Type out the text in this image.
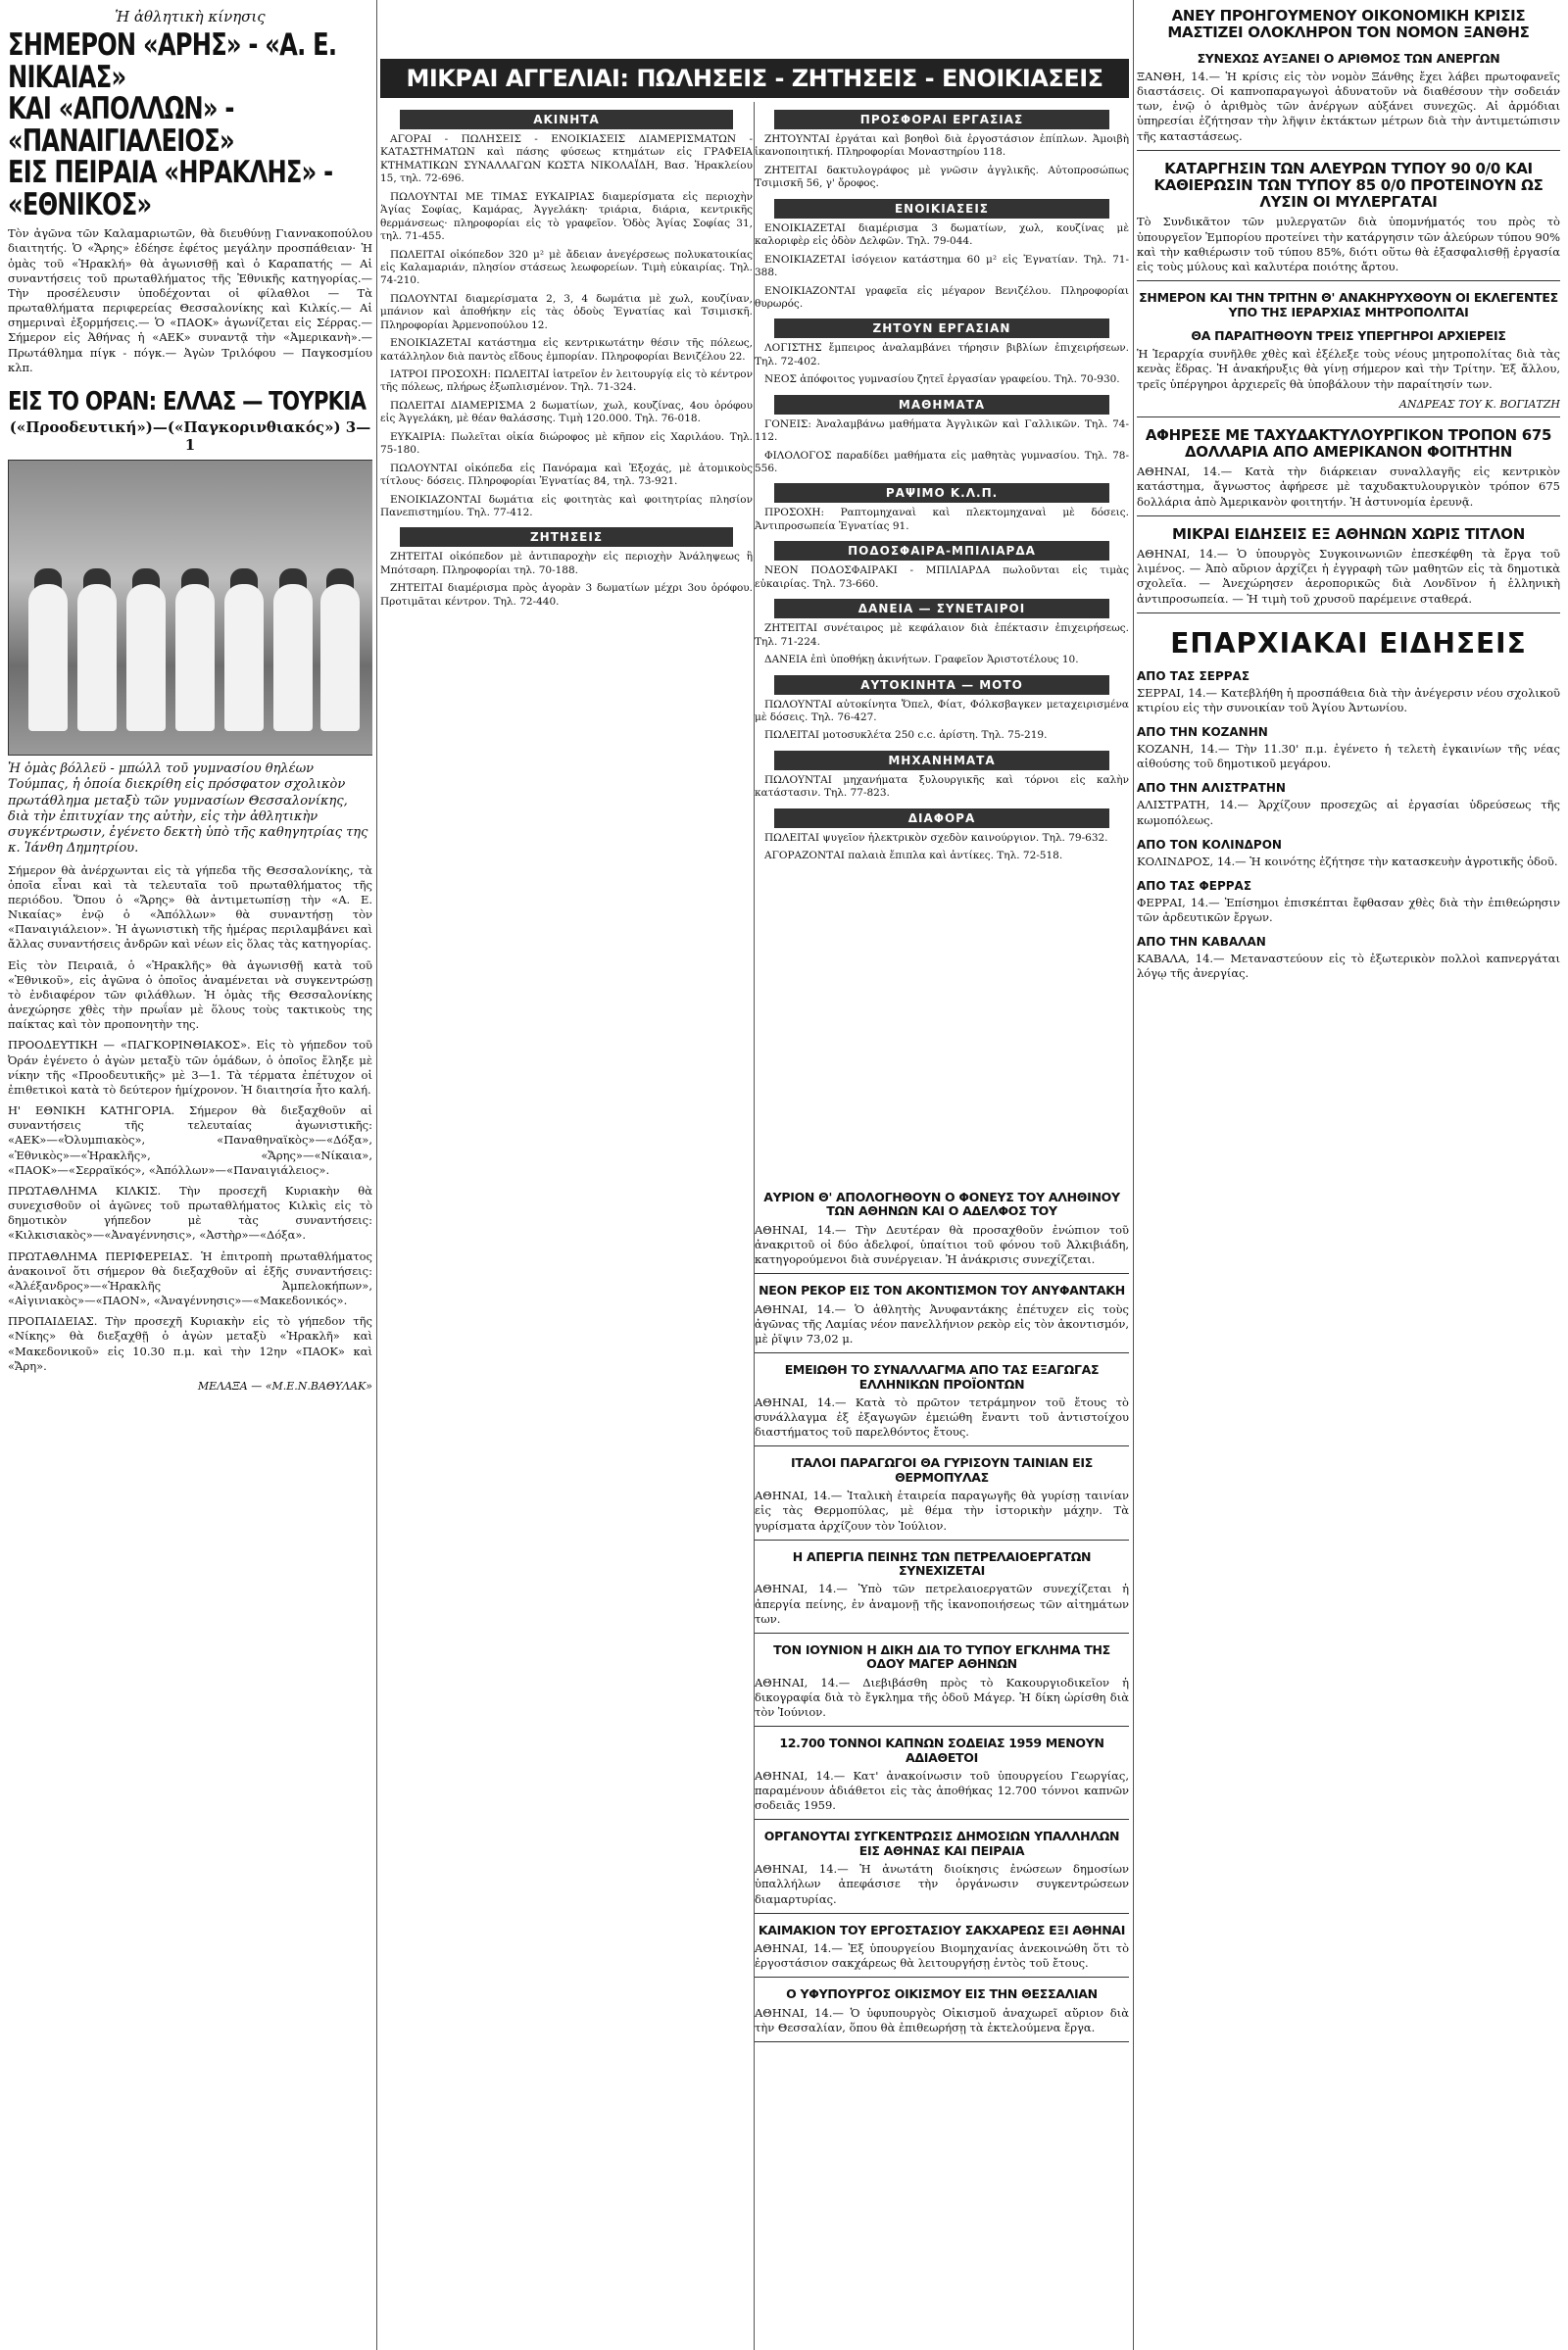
Ἡ ἀθλητικὴ κίνησις
ΣΗΜΕΡΟΝ «ΑΡΗΣ» - «Α. Ε. ΝΙΚΑΙΑΣ»
ΚΑΙ «ΑΠΟΛΛΩΝ» - «ΠΑΝΑΙΓΙΑΛΕΙΟΣ»
ΕΙΣ ΠΕΙΡΑΙΑ «ΗΡΑΚΛΗΣ» - «ΕΘΝΙΚΟΣ»

Τὸν ἀγῶνα τῶν Καλαμαριωτῶν, θὰ διευθύνῃ Γιαννακοπούλου διαιτητής. Ὁ «Ἄρης» ἐδέησε ἐφέτος μεγάλην προσπάθειαν· Ἡ ὁμὰς τοῦ «Ἡρακλή» θὰ ἀγωνισθῇ καὶ ὁ Καραπατής — Αἱ συναντήσεις τοῦ πρωταθλήματος τῆς Ἐθνικῆς κατηγορίας.— Τὴν προσέλευσιν ὑποδέχονται οἱ φίλαθλοι — Τὰ πρωταθλήματα περιφερείας Θεσσαλονίκης καὶ Κιλκίς.— Αἱ σημεριναὶ ἐξορμήσεις.— Ὁ «ΠΑΟΚ» ἀγωνίζεται εἰς Σέρρας.— Σήμερον εἰς Ἀθήνας ἡ «ΑΕΚ» συναντᾷ τὴν «Ἀμερικανὴ».— Πρωτάθλημα πίγκ - πόγκ.— Ἀγὼν Τριλόφου — Παγκοσμίου κλπ.

ΕΙΣ ΤΟ ΟΡΑΝ: ΕΛΛΑΣ — ΤΟΥΡΚΙΑ
(«Προοδευτική»)—(«Παγκορινθιακός») 3—1

Ἡ ὁμὰς βόλλεϋ - μπώλλ τοῦ γυμνασίου θηλέων Τούμπας, ἡ ὁποία διεκρίθη εἰς πρόσφατον σχολικὸν πρωτάθλημα μεταξὺ τῶν γυμνασίων Θεσσαλονίκης, διὰ τὴν ἐπιτυχίαν της αὐτὴν, εἰς τὴν ἀθλητικὴν συγκέντρωσιν, ἐγένετο δεκτὴ ὑπὸ τῆς καθηγητρίας της κ. Ἰάνθη Δημητρίου.

Σήμερον θὰ ἀνέρχωνται εἰς τὰ γήπεδα τῆς Θεσσαλονίκης, τὰ ὁποῖα εἶναι καὶ τὰ τελευταῖα τοῦ πρωταθλήματος τῆς περιόδου. Ὅπου ὁ «Ἄρης» θὰ ἀντιμετωπίσῃ τὴν «Α. Ε. Νικαίας» ἐνῷ ὁ «Ἀπόλλων» θὰ συναντήσῃ τὸν «Παναιγιάλειον». Ἡ ἀγωνιστικὴ τῆς ἡμέρας περιλαμβάνει καὶ ἄλλας συναντήσεις ἀνδρῶν καὶ νέων εἰς ὅλας τὰς κατηγορίας.

Εἰς τὸν Πειραιᾶ, ὁ «Ἡρακλῆς» θὰ ἀγωνισθῇ κατὰ τοῦ «Ἐθνικοῦ», εἰς ἀγῶνα ὁ ὁποῖος ἀναμένεται νὰ συγκεντρώσῃ τὸ ἐνδιαφέρον τῶν φιλάθλων. Ἡ ὁμὰς τῆς Θεσσαλονίκης ἀνεχώρησε χθὲς τὴν πρωΐαν μὲ ὅλους τοὺς τακτικοὺς της παίκτας καὶ τὸν προπονητὴν της.

ΠΡΟΟΔΕΥΤΙΚΗ — «ΠΑΓΚΟΡΙΝΘΙΑΚΟΣ». Εἰς τὸ γήπεδον τοῦ Ὀράν ἐγένετο ὁ ἀγὼν μεταξὺ τῶν ὁμάδων, ὁ ὁποῖος ἔληξε μὲ νίκην τῆς «Προοδευτικῆς» μὲ 3—1. Τὰ τέρματα ἐπέτυχον οἱ ἐπιθετικοὶ κατὰ τὸ δεύτερον ἡμίχρονον. Ἡ διαιτησία ἦτο καλή.

Η' ΕΘΝΙΚΗ ΚΑΤΗΓΟΡΙΑ. Σήμερον θὰ διεξαχθοῦν αἱ συναντήσεις τῆς τελευταίας ἀγωνιστικῆς: «ΑΕΚ»—«Ὀλυμπιακὸς», «Παναθηναϊκὸς»—«Δόξα», «Ἐθνικὸς»—«Ἡρακλῆς», «Ἄρης»—«Νίκαια», «ΠΑΟΚ»—«Σερραϊκός», «Ἀπόλλων»—«Παναιγιάλειος».

ΠΡΩΤΑΘΛΗΜΑ ΚΙΛΚΙΣ. Τὴν προσεχῆ Κυριακὴν θὰ συνεχισθοῦν οἱ ἀγῶνες τοῦ πρωταθλήματος Κιλκὶς εἰς τὸ δημοτικὸν γήπεδον μὲ τὰς συναντήσεις: «Κιλκισιακὸς»—«Ἀναγέννησις», «Ἀστὴρ»—«Δόξα».

ΠΡΩΤΑΘΛΗΜΑ ΠΕΡΙΦΕΡΕΙΑΣ. Ἡ ἐπιτροπὴ πρωταθλήματος ἀνακοινοῖ ὅτι σήμερον θὰ διεξαχθοῦν αἱ ἑξῆς συναντήσεις: «Ἀλέξανδρος»—«Ἡρακλῆς Ἀμπελοκήπων», «Αἰγινιακὸς»—«ΠΑΟΝ», «Ἀναγέννησις»—«Μακεδονικός».

ΠΡΟΠΑΙΔΕΙΑΣ. Τὴν προσεχῆ Κυριακὴν εἰς τὸ γήπεδον τῆς «Νίκης» θὰ διεξαχθῇ ὁ ἀγὼν μεταξὺ «Ἡρακλῆ» καὶ «Μακεδονικοῦ» εἰς 10.30 π.μ. καὶ τὴν 12ην «ΠΑΟΚ» καὶ «Ἄρη».

ΜΕΛΑΞΑ — «Μ.Ε.Ν.ΒΑΘΥΛΑΚ»
ΜΙΚΡΑΙ ΑΓΓΕΛΙΑΙ: ΠΩΛΗΣΕΙΣ - ΖΗΤΗΣΕΙΣ - ΕΝΟΙΚΙΑΣΕΙΣ
ΑΚΙΝΗΤΑ

ΑΓΟΡΑΙ - ΠΩΛΗΣΕΙΣ - ΕΝΟΙΚΙΑΣΕΙΣ ΔΙΑΜΕΡΙΣΜΑΤΩΝ - ΚΑΤΑΣΤΗΜΑΤΩΝ καὶ πάσης φύσεως κτημάτων εἰς ΓΡΑΦΕΙΑ ΚΤΗΜΑΤΙΚΩΝ ΣΥΝΑΛΛΑΓΩΝ ΚΩΣΤΑ ΝΙΚΟΛΑΪΔΗ, Βασ. Ἡρακλείου 15, τηλ. 72-696.

ΠΩΛΟΥΝΤΑΙ ΜΕ ΤΙΜΑΣ ΕΥΚΑΙΡΙΑΣ διαμερίσματα εἰς περιοχὴν Ἁγίας Σοφίας, Καμάρας, Ἀγγελάκη· τριάρια, διάρια, κεντρικῆς θερμάνσεως· πληροφορίαι εἰς τὸ γραφεῖον. Ὁδὸς Ἁγίας Σοφίας 31, τηλ. 71-455.

ΠΩΛΕΙΤΑΙ οἰκόπεδον 320 μ² μὲ ἄδειαν ἀνεγέρσεως πολυκατοικίας εἰς Καλαμαριάν, πλησίον στάσεως λεωφορείων. Τιμὴ εὐκαιρίας. Τηλ. 74-210.

ΠΩΛΟΥΝΤΑΙ διαμερίσματα 2, 3, 4 δωμάτια μὲ χωλ, κουζίναν, μπάνιον καὶ ἀποθήκην εἰς τὰς ὁδοὺς Ἐγνατίας καὶ Τσιμισκῆ. Πληροφορίαι Ἀρμενοπούλου 12.

ΕΝΟΙΚΙΑΖΕΤΑΙ κατάστημα εἰς κεντρικωτάτην θέσιν τῆς πόλεως, κατάλληλον διὰ παντὸς εἴδους ἐμπορίαν. Πληροφορίαι Βενιζέλου 22.

ΙΑΤΡΟΙ ΠΡΟΣΟΧΗ: ΠΩΛΕΙΤΑΙ ἰατρεῖον ἐν λειτουργίᾳ εἰς τὸ κέντρον τῆς πόλεως, πλήρως ἐξωπλισμένον. Τηλ. 71-324.

ΠΩΛΕΙΤΑΙ ΔΙΑΜΕΡΙΣΜΑ 2 δωματίων, χωλ, κουζίνας, 4ου ὀρόφου εἰς Ἀγγελάκη, μὲ θέαν θαλάσσης. Τιμὴ 120.000. Τηλ. 76-018.

ΕΥΚΑΙΡΙΑ: Πωλεῖται οἰκία διώροφος μὲ κῆπον εἰς Χαριλάου. Τηλ. 75-180.

ΠΩΛΟΥΝΤΑΙ οἰκόπεδα εἰς Πανόραμα καὶ Ἐξοχάς, μὲ ἀτομικοὺς τίτλους· δόσεις. Πληροφορίαι Ἐγνατίας 84, τηλ. 73-921.

ΕΝΟΙΚΙΑΖΟΝΤΑΙ δωμάτια εἰς φοιτητὰς καὶ φοιτητρίας πλησίον Πανεπιστημίου. Τηλ. 77-412.

ΖΗΤΗΣΕΙΣ

ΖΗΤΕΙΤΑΙ οἰκόπεδον μὲ ἀντιπαροχὴν εἰς περιοχὴν Ἀνάληψεως ἢ Μπότσαρη. Πληροφορίαι τηλ. 70-188.

ΖΗΤΕΙΤΑΙ διαμέρισμα πρὸς ἀγορὰν 3 δωματίων μέχρι 3ου ὀρόφου. Προτιμᾶται κέντρον. Τηλ. 72-440.

ΠΡΟΣΦΟΡΑΙ ΕΡΓΑΣΙΑΣ

ΖΗΤΟΥΝΤΑΙ ἐργάται καὶ βοηθοὶ διὰ ἐργοστάσιον ἐπίπλων. Ἀμοιβὴ ἱκανοποιητική. Πληροφορίαι Μοναστηρίου 118.

ΖΗΤΕΙΤΑΙ δακτυλογράφος μὲ γνῶσιν ἀγγλικῆς. Αὐτοπροσώπως Τσιμισκῆ 56, γ' ὄροφος.

ΕΝΟΙΚΙΑΣΕΙΣ

ΕΝΟΙΚΙΑΖΕΤΑΙ διαμέρισμα 3 δωματίων, χωλ, κουζίνας μὲ καλοριφὲρ εἰς ὁδὸν Δελφῶν. Τηλ. 79-044.

ΕΝΟΙΚΙΑΖΕΤΑΙ ἰσόγειον κατάστημα 60 μ² εἰς Ἐγνατίαν. Τηλ. 71-388.

ΕΝΟΙΚΙΑΖΟΝΤΑΙ γραφεῖα εἰς μέγαρον Βενιζέλου. Πληροφορίαι θυρωρός.

ΖΗΤΟΥΝ ΕΡΓΑΣΙΑΝ

ΛΟΓΙΣΤΗΣ ἔμπειρος ἀναλαμβάνει τήρησιν βιβλίων ἐπιχειρήσεων. Τηλ. 72-402.

ΝΕΟΣ ἀπόφοιτος γυμνασίου ζητεῖ ἐργασίαν γραφείου. Τηλ. 70-930.

ΜΑΘΗΜΑΤΑ

ΓΟΝΕΙΣ: Ἀναλαμβάνω μαθήματα Ἀγγλικῶν καὶ Γαλλικῶν. Τηλ. 74-112.

ΦΙΛΟΛΟΓΟΣ παραδίδει μαθήματα εἰς μαθητὰς γυμνασίου. Τηλ. 78-556.

ΡΑΨΙΜΟ Κ.Λ.Π.

ΠΡΟΣΟΧΗ: Ραπτομηχαναὶ καὶ πλεκτομηχαναὶ μὲ δόσεις. Ἀντιπροσωπεία Ἐγνατίας 91.

ΠΟΔΟΣΦΑΙΡΑ-ΜΠΙΛΙΑΡΔΑ

ΝΕΟΝ ΠΟΔΟΣΦΑΙΡΑΚΙ - ΜΠΙΛΙΑΡΔΑ πωλοῦνται εἰς τιμὰς εὐκαιρίας. Τηλ. 73-660.

ΔΑΝΕΙΑ — ΣΥΝΕΤΑΙΡΟΙ

ΖΗΤΕΙΤΑΙ συνέταιρος μὲ κεφάλαιον διὰ ἐπέκτασιν ἐπιχειρήσεως. Τηλ. 71-224.

ΔΑΝΕΙΑ ἐπὶ ὑποθήκῃ ἀκινήτων. Γραφεῖον Ἀριστοτέλους 10.

ΑΥΤΟΚΙΝΗΤΑ — ΜΟΤΟ

ΠΩΛΟΥΝΤΑΙ αὐτοκίνητα Ὄπελ, Φίατ, Φόλκσβαγκεν μεταχειρισμένα μὲ δόσεις. Τηλ. 76-427.

ΠΩΛΕΙΤΑΙ μοτοσυκλέτα 250 c.c. ἀρίστη. Τηλ. 75-219.

ΜΗΧΑΝΗΜΑΤΑ

ΠΩΛΟΥΝΤΑΙ μηχανήματα ξυλουργικῆς καὶ τόρνοι εἰς καλὴν κατάστασιν. Τηλ. 77-823.

ΔΙΑΦΟΡΑ

ΠΩΛΕΙΤΑΙ ψυγεῖον ἠλεκτρικὸν σχεδὸν καινούργιον. Τηλ. 79-632.

ΑΓΟΡΑΖΟΝΤΑΙ παλαιὰ ἔπιπλα καὶ ἀντίκες. Τηλ. 72-518.

ΑΥΡΙΟΝ Θ' ΑΠΟΛΟΓΗΘΟΥΝ Ο ΦΟΝΕΥΣ ΤΟΥ ΑΛΗΘΙΝΟΥ ΤΩΝ ΑΘΗΝΩΝ ΚΑΙ Ο ΑΔΕΛΦΟΣ ΤΟΥ

ΑΘΗΝΑΙ, 14.— Τὴν Δευτέραν θὰ προσαχθοῦν ἐνώπιον τοῦ ἀνακριτοῦ οἱ δύο ἀδελφοί, ὑπαίτιοι τοῦ φόνου τοῦ Ἀλκιβιάδη, κατηγορούμενοι διὰ συνέργειαν. Ἡ ἀνάκρισις συνεχίζεται.

ΝΕΟΝ ΡΕΚΟΡ ΕΙΣ ΤΟΝ ΑΚΟΝΤΙΣΜΟΝ ΤΟΥ ΑΝΥΦΑΝΤΑΚΗ

ΑΘΗΝΑΙ, 14.— Ὁ ἀθλητὴς Ἀνυφαντάκης ἐπέτυχεν εἰς τοὺς ἀγῶνας τῆς Λαμίας νέον πανελλήνιον ρεκὸρ εἰς τὸν ἀκοντισμόν, μὲ ῥῖψιν 73,02 μ.

ΕΜΕΙΩΘΗ ΤΟ ΣΥΝΑΛΛΑΓΜΑ ΑΠΟ ΤΑΣ ΕΞΑΓΩΓΑΣ ΕΛΛΗΝΙΚΩΝ ΠΡΟΪΟΝΤΩΝ

ΑΘΗΝΑΙ, 14.— Κατὰ τὸ πρῶτον τετράμηνον τοῦ ἔτους τὸ συνάλλαγμα ἐξ ἐξαγωγῶν ἐμειώθη ἔναντι τοῦ ἀντιστοίχου διαστήματος τοῦ παρελθόντος ἔτους.

ΙΤΑΛΟΙ ΠΑΡΑΓΩΓΟΙ ΘΑ ΓΥΡΙΣΟΥΝ ΤΑΙΝΙΑΝ ΕΙΣ ΘΕΡΜΟΠΥΛΑΣ

ΑΘΗΝΑΙ, 14.— Ἰταλικὴ ἑταιρεία παραγωγῆς θὰ γυρίσῃ ταινίαν εἰς τὰς Θερμοπύλας, μὲ θέμα τὴν ἱστορικὴν μάχην. Τὰ γυρίσματα ἀρχίζουν τὸν Ἰούλιον.

Η ΑΠΕΡΓΙΑ ΠΕΙΝΗΣ ΤΩΝ ΠΕΤΡΕΛΑΙΟΕΡΓΑΤΩΝ ΣΥΝΕΧΙΖΕΤΑΙ

ΑΘΗΝΑΙ, 14.— Ὑπὸ τῶν πετρελαιοεργατῶν συνεχίζεται ἡ ἀπεργία πείνης, ἐν ἀναμονῇ τῆς ἱκανοποιήσεως τῶν αἰτημάτων των.

ΤΟΝ ΙΟΥΝΙΟΝ Η ΔΙΚΗ ΔΙΑ ΤΟ ΤΥΠΟΥ ΕΓΚΛΗΜΑ ΤΗΣ ΟΔΟΥ ΜΑΓΕΡ ΑΘΗΝΩΝ

ΑΘΗΝΑΙ, 14.— Διεβιβάσθη πρὸς τὸ Κακουργιοδικεῖον ἡ δικογραφία διὰ τὸ ἔγκλημα τῆς ὁδοῦ Μάγερ. Ἡ δίκη ὡρίσθη διὰ τὸν Ἰούνιον.

12.700 ΤΟΝΝΟΙ ΚΑΠΝΩΝ ΣΟΔΕΙΑΣ 1959 ΜΕΝΟΥΝ ΑΔΙΑΘΕΤΟΙ

ΑΘΗΝΑΙ, 14.— Κατ' ἀνακοίνωσιν τοῦ ὑπουργείου Γεωργίας, παραμένουν ἀδιάθετοι εἰς τὰς ἀποθήκας 12.700 τόννοι καπνῶν σοδειᾶς 1959.

ΟΡΓΑΝΟΥΤΑΙ ΣΥΓΚΕΝΤΡΩΣΙΣ ΔΗΜΟΣΙΩΝ ΥΠΑΛΛΗΛΩΝ ΕΙΣ ΑΘΗΝΑΣ ΚΑΙ ΠΕΙΡΑΙΑ

ΑΘΗΝΑΙ, 14.— Ἡ ἀνωτάτη διοίκησις ἐνώσεων δημοσίων ὑπαλλήλων ἀπεφάσισε τὴν ὀργάνωσιν συγκεντρώσεων διαμαρτυρίας.

ΚΑΙΜΑΚΙΟΝ ΤΟΥ ΕΡΓΟΣΤΑΣΙΟΥ ΣΑΚΧΑΡΕΩΣ ΕΞΙ ΑΘΗΝΑΙ

ΑΘΗΝΑΙ, 14.— Ἐξ ὑπουργείου Βιομηχανίας ἀνεκοινώθη ὅτι τὸ ἐργοστάσιον σακχάρεως θὰ λειτουργήσῃ ἐντὸς τοῦ ἔτους.

Ο ΥΦΥΠΟΥΡΓΟΣ ΟΙΚΙΣΜΟΥ ΕΙΣ ΤΗΝ ΘΕΣΣΑΛΙΑΝ

ΑΘΗΝΑΙ, 14.— Ὁ ὑφυπουργὸς Οἰκισμοῦ ἀναχωρεῖ αὔριον διὰ τὴν Θεσσαλίαν, ὅπου θὰ ἐπιθεωρήσῃ τὰ ἐκτελούμενα ἔργα.

ΑΝΕΥ ΠΡΟΗΓΟΥΜΕΝΟΥ ΟΙΚΟΝΟΜΙΚΗ ΚΡΙΣΙΣ ΜΑΣΤΙΖΕΙ ΟΛΟΚΛΗΡΟΝ ΤΟΝ ΝΟΜΟΝ ΞΑΝΘΗΣ
ΣΥΝΕΧΩΣ ΑΥΞΑΝΕΙ Ο ΑΡΙΘΜΟΣ ΤΩΝ ΑΝΕΡΓΩΝ

ΞΑΝΘΗ, 14.— Ἡ κρίσις εἰς τὸν νομὸν Ξάνθης ἔχει λάβει πρωτοφανεῖς διαστάσεις. Οἱ καπνοπαραγωγοὶ ἀδυνατοῦν νὰ διαθέσουν τὴν σοδειάν των, ἐνῷ ὁ ἀριθμὸς τῶν ἀνέργων αὐξάνει συνεχῶς. Αἱ ἀρμόδιαι ὑπηρεσίαι ἐζήτησαν τὴν λῆψιν ἐκτάκτων μέτρων διὰ τὴν ἀντιμετώπισιν τῆς καταστάσεως.

ΚΑΤΑΡΓΗΣΙΝ ΤΩΝ ΑΛΕΥΡΩΝ ΤΥΠΟΥ 90 0/0 ΚΑΙ ΚΑΘΙΕΡΩΣΙΝ ΤΩΝ ΤΥΠΟΥ 85 0/0 ΠΡΟΤΕΙΝΟΥΝ ΩΣ ΛΥΣΙΝ ΟΙ ΜΥΛΕΡΓΑΤΑΙ

Τὸ Συνδικᾶτον τῶν μυλεργατῶν διὰ ὑπομνήματός του πρὸς τὸ ὑπουργεῖον Ἐμπορίου προτείνει τὴν κατάργησιν τῶν ἀλεύρων τύπου 90% καὶ τὴν καθιέρωσιν τοῦ τύπου 85%, διότι οὕτω θὰ ἐξασφαλισθῇ ἐργασία εἰς τοὺς μύλους καὶ καλυτέρα ποιότης ἄρτου.

ΣΗΜΕΡΟΝ ΚΑΙ ΤΗΝ ΤΡΙΤΗΝ Θ' ΑΝΑΚΗΡΥΧΘΟΥΝ ΟΙ ΕΚΛΕΓΕΝΤΕΣ ΥΠΟ ΤΗΣ ΙΕΡΑΡΧΙΑΣ ΜΗΤΡΟΠΟΛΙΤΑΙ
ΘΑ ΠΑΡΑΙΤΗΘΟΥΝ ΤΡΕΙΣ ΥΠΕΡΓΗΡΟΙ ΑΡΧΙΕΡΕΙΣ

Ἡ Ἱεραρχία συνῆλθε χθὲς καὶ ἐξέλεξε τοὺς νέους μητροπολίτας διὰ τὰς κενὰς ἕδρας. Ἡ ἀνακήρυξις θὰ γίνῃ σήμερον καὶ τὴν Τρίτην. Ἐξ ἄλλου, τρεῖς ὑπέργηροι ἀρχιερεῖς θὰ ὑποβάλουν τὴν παραίτησίν των.

ΑΝΔΡΕΑΣ ΤΟΥ Κ. ΒΟΓΙΑΤΖΗ
ΑΦΗΡΕΣΕ ΜΕ ΤΑΧΥΔΑΚΤΥΛΟΥΡΓΙΚΟΝ ΤΡΟΠΟΝ 675 ΔΟΛΛΑΡΙΑ ΑΠΟ ΑΜΕΡΙΚΑΝΟΝ ΦΟΙΤΗΤΗΝ

ΑΘΗΝΑΙ, 14.— Κατὰ τὴν διάρκειαν συναλλαγῆς εἰς κεντρικὸν κατάστημα, ἄγνωστος ἀφήρεσε μὲ ταχυδακτυλουργικὸν τρόπον 675 δολλάρια ἀπὸ Ἀμερικανὸν φοιτητήν. Ἡ ἀστυνομία ἐρευνᾷ.

ΜΙΚΡΑΙ ΕΙΔΗΣΕΙΣ ΕΞ ΑΘΗΝΩΝ ΧΩΡΙΣ ΤΙΤΛΟΝ

ΑΘΗΝΑΙ, 14.— Ὁ ὑπουργὸς Συγκοινωνιῶν ἐπεσκέφθη τὰ ἔργα τοῦ λιμένος. — Ἀπὸ αὔριον ἀρχίζει ἡ ἐγγραφὴ τῶν μαθητῶν εἰς τὰ δημοτικὰ σχολεῖα. — Ἀνεχώρησεν ἀεροπορικῶς διὰ Λονδῖνον ἡ ἑλληνικὴ ἀντιπροσωπεία. — Ἡ τιμὴ τοῦ χρυσοῦ παρέμεινε σταθερά.

ΕΠΑΡΧΙΑΚΑΙ ΕΙΔΗΣΕΙΣ
ΑΠΟ ΤΑΣ ΣΕΡΡΑΣ

ΣΕΡΡΑΙ, 14.— Κατεβλήθη ἡ προσπάθεια διὰ τὴν ἀνέγερσιν νέου σχολικοῦ κτιρίου εἰς τὴν συνοικίαν τοῦ Ἁγίου Ἀντωνίου.

ΑΠΟ ΤΗΝ ΚΟΖΑΝΗΝ

ΚΟΖΑΝΗ, 14.— Τὴν 11.30' π.μ. ἐγένετο ἡ τελετὴ ἐγκαινίων τῆς νέας αἰθούσης τοῦ δημοτικοῦ μεγάρου.

ΑΠΟ ΤΗΝ ΑΛΙΣΤΡΑΤΗΝ

ΑΛΙΣΤΡΑΤΗ, 14.— Ἀρχίζουν προσεχῶς αἱ ἐργασίαι ὑδρεύσεως τῆς κωμοπόλεως.

ΑΠΟ ΤΟΝ ΚΟΛΙΝΔΡΟΝ

ΚΟΛΙΝΔΡΟΣ, 14.— Ἡ κοινότης ἐζήτησε τὴν κατασκευὴν ἀγροτικῆς ὁδοῦ.

ΑΠΟ ΤΑΣ ΦΕΡΡΑΣ

ΦΕΡΡΑΙ, 14.— Ἐπίσημοι ἐπισκέπται ἔφθασαν χθὲς διὰ τὴν ἐπιθεώρησιν τῶν ἀρδευτικῶν ἔργων.

ΑΠΟ ΤΗΝ ΚΑΒΑΛΑΝ

ΚΑΒΑΛΑ, 14.— Μεταναστεύουν εἰς τὸ ἐξωτερικὸν πολλοὶ καπνεργάται λόγῳ τῆς ἀνεργίας.
